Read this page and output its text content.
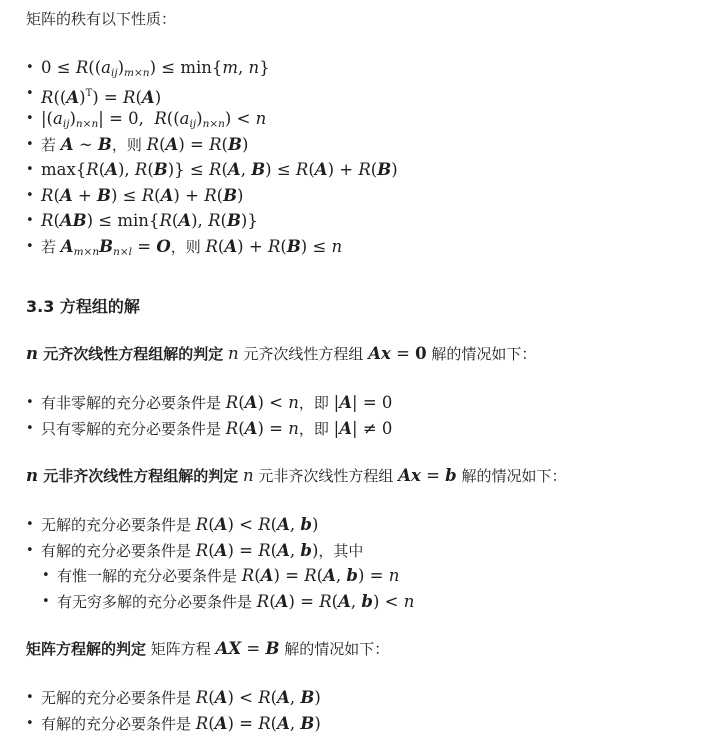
矩阵的秩有以下性质：
• $0 \le R((a_{ij})_{m\times n}) \le \min\{m$, n}
• $R((A)^T) = R(A)$
• $|(a_{ij})_{n\times n}| = 0$,  $R((a_{ij})_{n\times n}) < n$
• 若 A ∼ B，则 R(A) = R(B)
• max{R(A), R(B)} ≤ R(A, B) ≤ R(A) + R(B)
• R(A + B) ≤ R(A) + R(B)
• R(AB) ≤ min{R(A), R(B)}
• 若 $A_{m\times n}B_{n\times l} = O$，则 R(A) + R(B) ≤ n
3.3 方程组的解
n 元齐次线性方程组解的判定 n 元齐次线性方程组 Ax = 0 解的情况如下：
• 有非零解的充分必要条件是 R(A) < n，即 |A| = 0
• 只有零解的充分必要条件是 R(A) = n，即 |A| ≠ 0
n 元非齐次线性方程组解的判定 n 元非齐次线性方程组 Ax = b 解的情况如下：
• 无解的充分必要条件是 R(A) < R(A, b)
• 有解的充分必要条件是 R(A) = R(A, b)，其中
• 有惟一解的充分必要条件是 R(A) = R(A, b) = n
• 有无穷多解的充分必要条件是 R(A) = R(A, b) < n
矩阵方程解的判定 矩阵方程 AX = B 解的情况如下：
• 无解的充分必要条件是 R(A) < R(A, B)
• 有解的充分必要条件是 R(A) = R(A, B)
